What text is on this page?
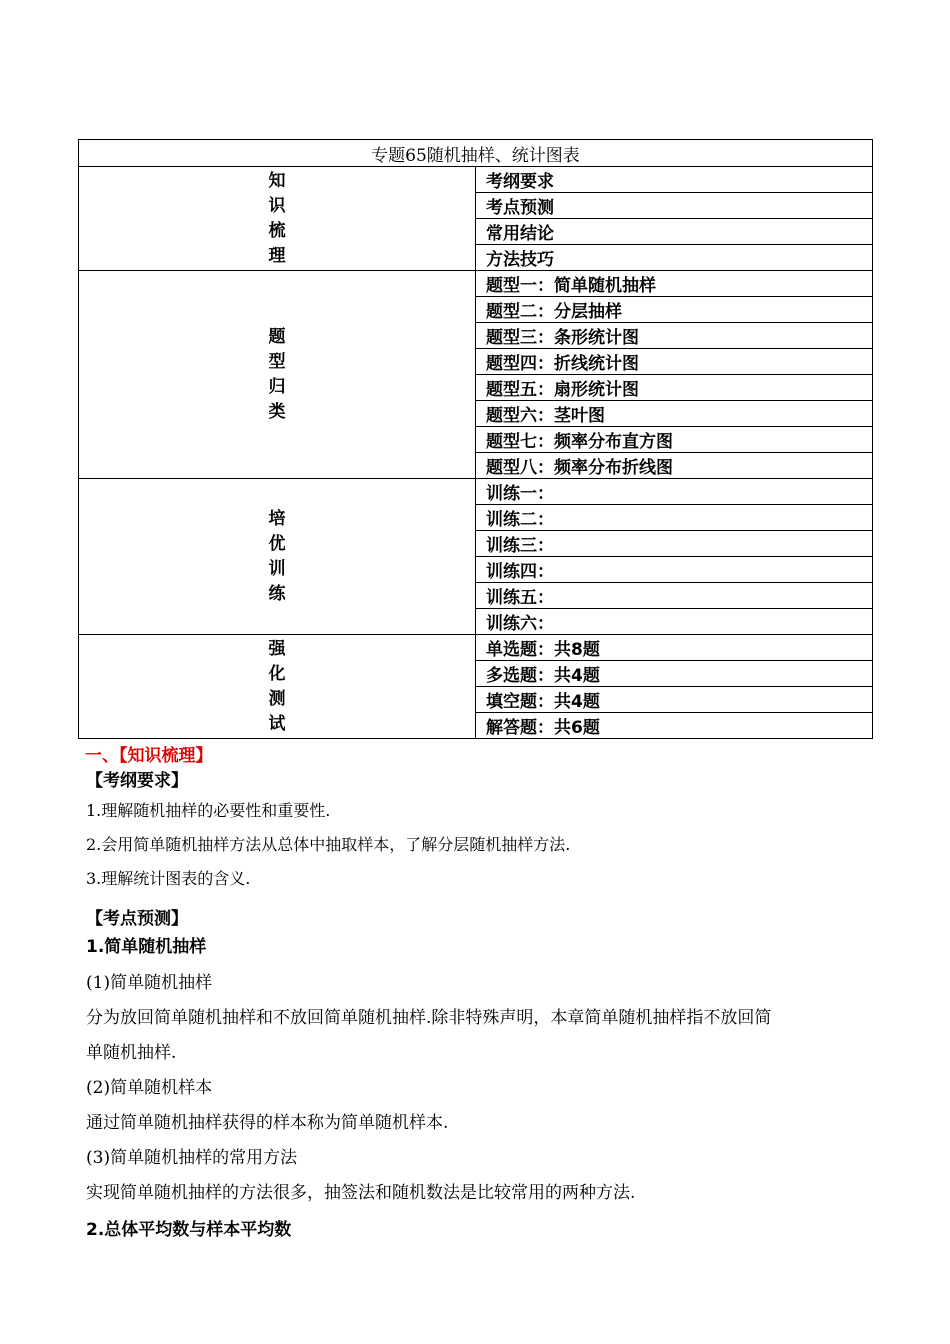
专题65随机抽样、统计图表	

知
识
梳
理	考纲要求
	考点预测
	常用结论
	方法技巧

题
型
归
类	题型一：简单随机抽样
	题型二：分层抽样
	题型三：条形统计图
	题型四：折线统计图
	题型五：扇形统计图
	题型六：茎叶图
	题型七：频率分布直方图
	题型八：频率分布折线图

培
优
训
练	训练一：
	训练二：
	训练三：
	训练四：
	训练五：
	训练六：

强
化
测
试	单选题：共8题
	多选题：共4题
	填空题：共4题
	解答题：共6题
一、【知识梳理】
【考纲要求】
1.理解随机抽样的必要性和重要性.
2.会用简单随机抽样方法从总体中抽取样本，了解分层随机抽样方法.
3.理解统计图表的含义.
【考点预测】
1.简单随机抽样
(1)简单随机抽样
分为放回简单随机抽样和不放回简单随机抽样.除非特殊声明，本章简单随机抽样指不放回简
单随机抽样.
(2)简单随机样本
通过简单随机抽样获得的样本称为简单随机样本.
(3)简单随机抽样的常用方法
实现简单随机抽样的方法很多，抽签法和随机数法是比较常用的两种方法.
2.总体平均数与样本平均数
